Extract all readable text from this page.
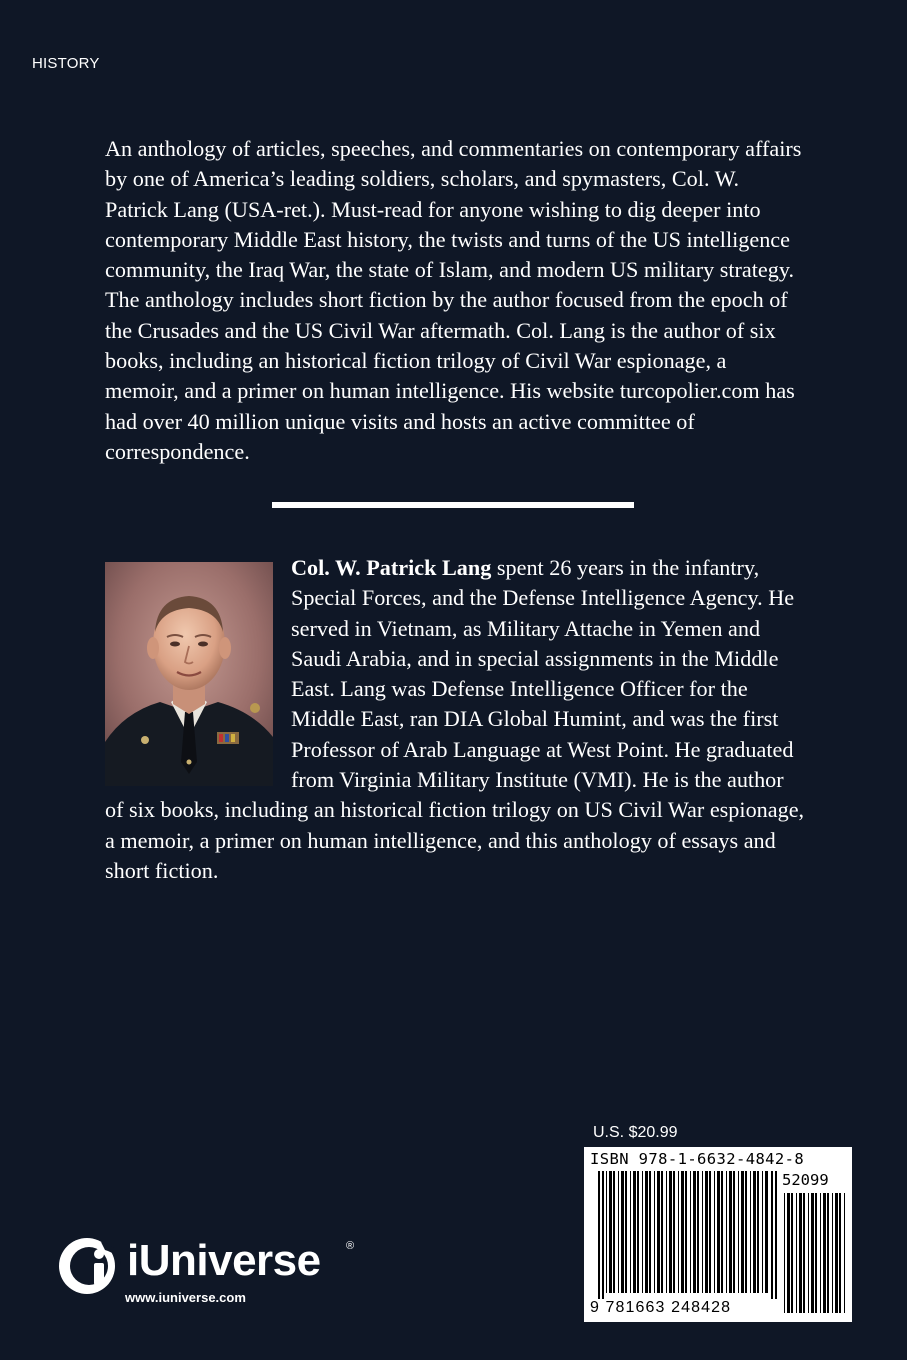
HISTORY

An anthology of articles, speeches, and commentaries on contemporary affairs by one of America’s leading soldiers, scholars, and spymasters, Col. W. Patrick Lang (USA-ret.). Must-read for anyone wishing to dig deeper into contemporary Middle East history, the twists and turns of the US intelligence community, the Iraq War, the state of Islam, and modern US military strategy. The anthology includes short fiction by the author focused from the epoch of the Crusades and the US Civil War aftermath. Col. Lang is the author of six books, including an historical fiction trilogy of Civil War espionage, a memoir, and a primer on human intelligence. His website turcopolier.com has had over 40 million unique visits and hosts an active committee of correspondence.

Col. W. Patrick Lang spent 26 years in the infantry, Special Forces, and the Defense Intelligence Agency. He served in Vietnam, as Military Attache in Yemen and Saudi Arabia, and in special assignments in the Middle East. Lang was Defense Intelligence Officer for the Middle East, ran DIA Global Humint, and was the first Professor of Arab Language at West Point. He graduated from Virginia Military Institute (VMI). He is the author of six books, including an historical fiction trilogy on US Civil War espionage, a memoir, a primer on human intelligence, and this anthology of essays and short fiction.
U.S. $20.99
ISBN 978-1-6632-4842-8
52099
9 781663 248428
iUniverse ®
www.iuniverse.com
